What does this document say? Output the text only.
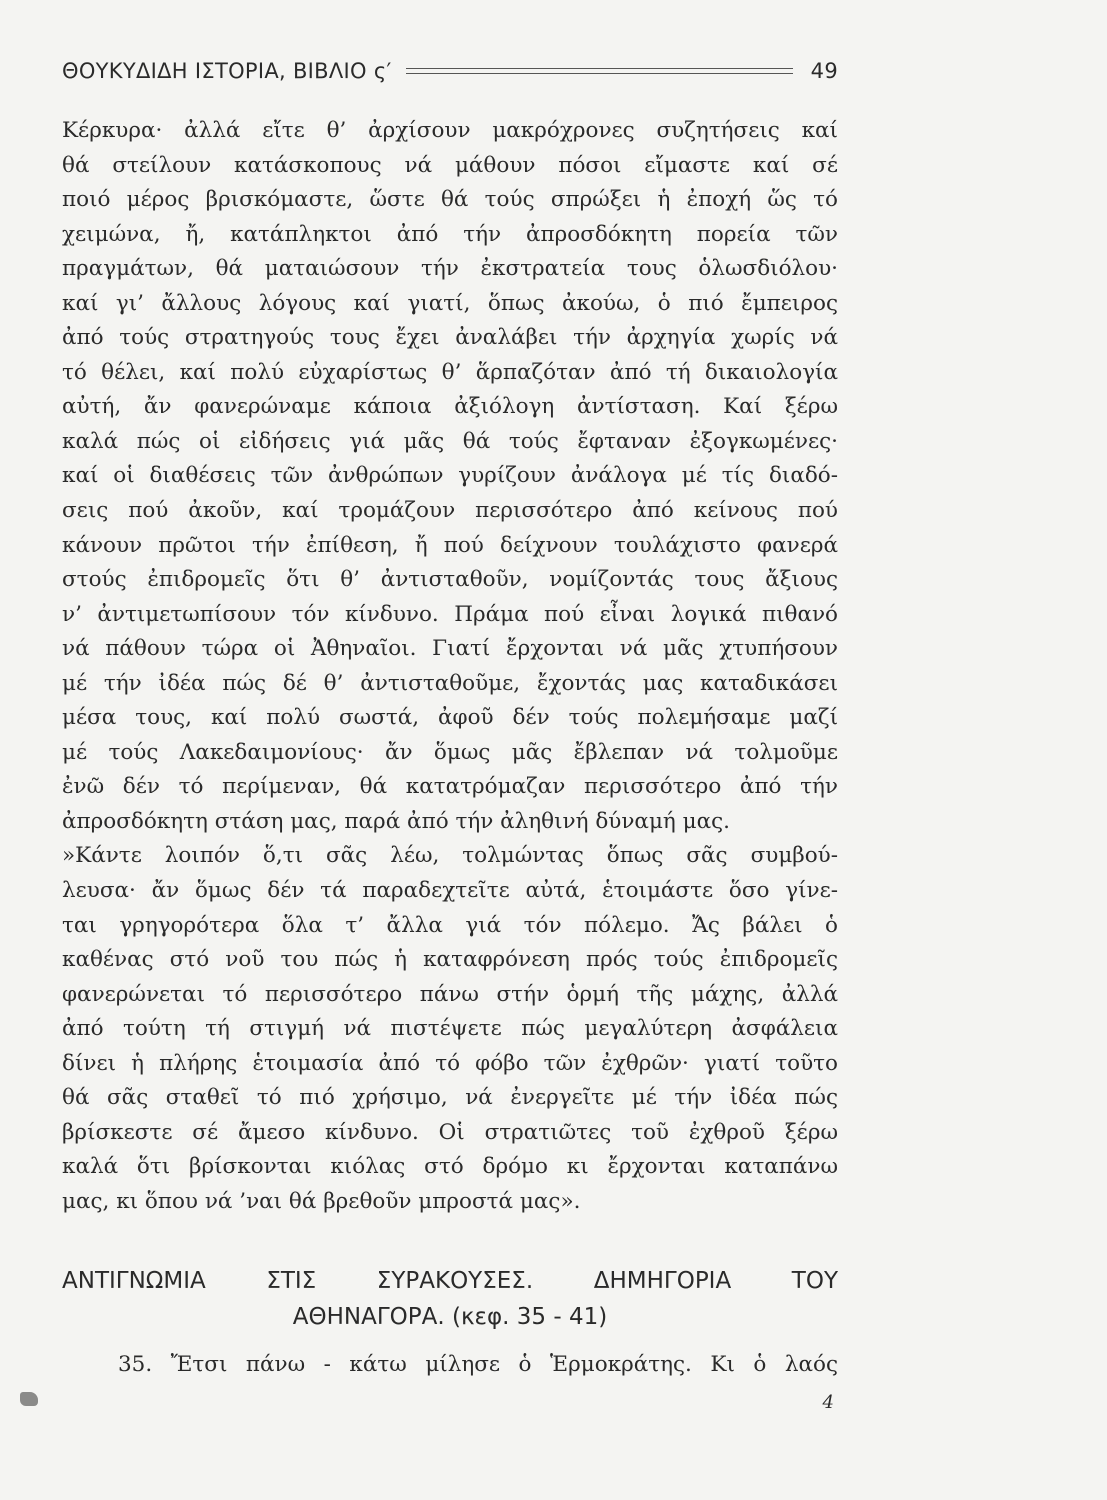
ΘΟΥΚΥΔΙΔΗ ΙΣΤΟΡΙΑ, ΒΙΒΛΙΟ ς′	49
Κέρκυρα· ἀλλά εἴτε θ’ ἀρχίσουν μακρόχρονες συζητήσεις καί
θά στείλουν κατάσκοπους νά μάθουν πόσοι εἴμαστε καί σέ
ποιό μέρος βρισκόμαστε, ὥστε θά τούς σπρώξει ἡ ἐποχή ὥς τό
χειμώνα, ἤ, κατάπληκτοι ἀπό τήν ἀπροσδόκητη πορεία τῶν
πραγμάτων, θά ματαιώσουν τήν ἐκστρατεία τους ὁλωσδιόλου·
καί γι’ ἄλλους λόγους καί γιατί, ὅπως ἀκούω, ὁ πιό ἔμπειρος
ἀπό τούς στρατηγούς τους ἔχει ἀναλάβει τήν ἀρχηγία χωρίς νά
τό θέλει, καί πολύ εὐχαρίστως θ’ ἅρπαζόταν ἀπό τή δικαιολογία
αὐτή, ἄν φανερώναμε κάποια ἀξιόλογη ἀντίσταση. Καί ξέρω
καλά πώς οἱ εἰδήσεις γιά μᾶς θά τούς ἔφταναν ἐξογκωμένες·
καί οἱ διαθέσεις τῶν ἀνθρώπων γυρίζουν ἀνάλογα μέ τίς διαδό-
σεις πού ἀκοῦν, καί τρομάζουν περισσότερο ἀπό κείνους πού
κάνουν πρῶτοι τήν ἐπίθεση, ἤ πού δείχνουν τουλάχιστο φανερά
στούς ἐπιδρομεῖς ὅτι θ’ ἀντισταθοῦν, νομίζοντάς τους ἄξιους
ν’ ἀντιμετωπίσουν τόν κίνδυνο. Πράμα πού εἶναι λογικά πιθανό
νά πάθουν τώρα οἱ Ἀθηναῖοι. Γιατί ἔρχονται νά μᾶς χτυπήσουν
μέ τήν ἰδέα πώς δέ θ’ ἀντισταθοῦμε, ἔχοντάς μας καταδικάσει
μέσα τους, καί πολύ σωστά, ἀφοῦ δέν τούς πολεμήσαμε μαζί
μέ τούς Λακεδαιμονίους· ἄν ὅμως μᾶς ἔβλεπαν νά τολμοῦμε
ἐνῶ δέν τό περίμεναν, θά κατατρόμαζαν περισσότερο ἀπό τήν
ἀπροσδόκητη στάση μας, παρά ἀπό τήν ἀληθινή δύναμή μας.
»Κάντε λοιπόν ὅ,τι σᾶς λέω, τολμώντας ὅπως σᾶς συμβού-
λευσα· ἄν ὅμως δέν τά παραδεχτεῖτε αὐτά, ἑτοιμάστε ὅσο γίνε-
ται γρηγορότερα ὅλα τ’ ἄλλα γιά τόν πόλεμο. Ἄς βάλει ὁ
καθένας στό νοῦ του πώς ἡ καταφρόνεση πρός τούς ἐπιδρομεῖς
φανερώνεται τό περισσότερο πάνω στήν ὁρμή τῆς μάχης, ἀλλά
ἀπό τούτη τή στιγμή νά πιστέψετε πώς μεγαλύτερη ἀσφάλεια
δίνει ἡ πλήρης ἑτοιμασία ἀπό τό φόβο τῶν ἐχθρῶν· γιατί τοῦτο
θά σᾶς σταθεῖ τό πιό χρήσιμο, νά ἐνεργεῖτε μέ τήν ἰδέα πώς
βρίσκεστε σέ ἄμεσο κίνδυνο. Οἱ στρατιῶτες τοῦ ἐχθροῦ ξέρω
καλά ὅτι βρίσκονται κιόλας στό δρόμο κι ἔρχονται καταπάνω
μας, κι ὅπου νά ’ναι θά βρεθοῦν μπροστά μας».
ΑΝΤΙΓΝΩΜΙΑ ΣΤΙΣ ΣΥΡΑΚΟΥΣΕΣ. ΔΗΜΗΓΟΡΙΑ ΤΟΥ
ΑΘΗΝΑΓΟΡΑ. (κεφ. 35 - 41)
35. Ἔτσι πάνω - κάτω μίλησε ὁ Ἑρμοκράτης. Κι ὁ λαός
4
